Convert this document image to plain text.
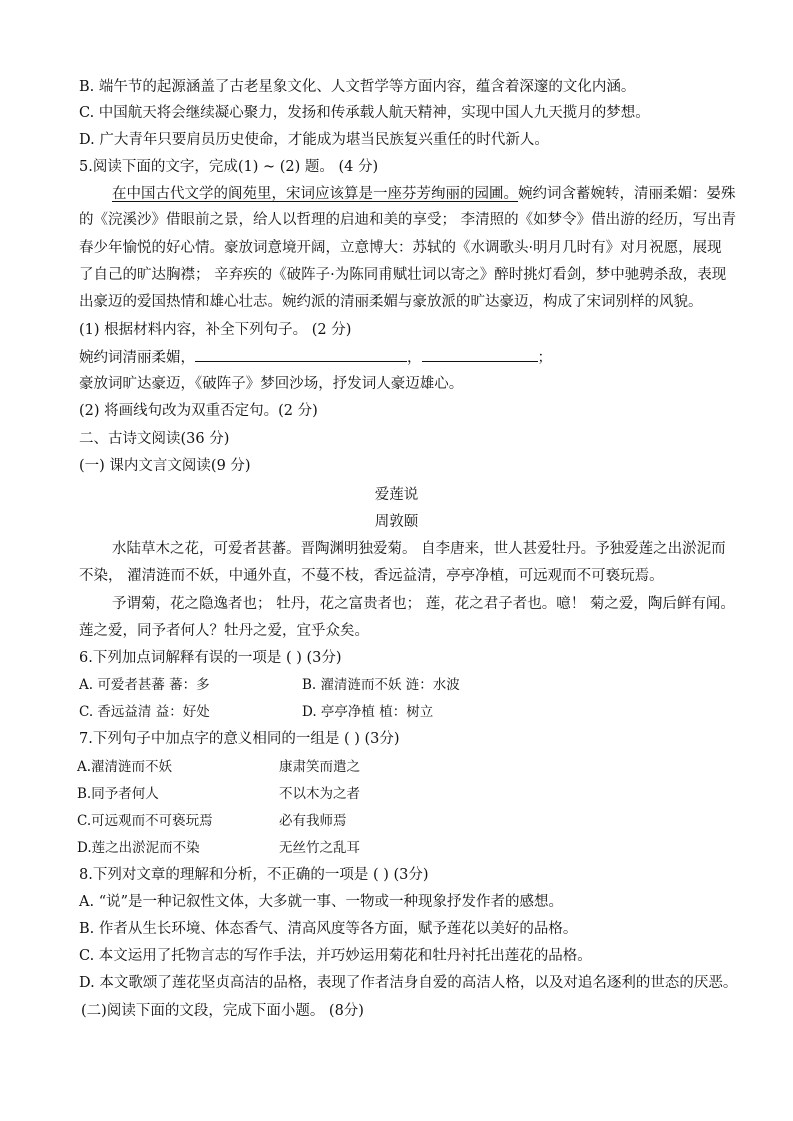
B. 端午节的起源涵盖了古老星象文化、人文哲学等方面内容，蕴含着深邃的文化内涵。
C. 中国航天将会继续凝心聚力，发扬和传承载人航天精神，实现中国人九天揽月的梦想。
D. 广大青年只要肩员历史使命，才能成为堪当民族复兴重任的时代新人。
5.阅读下面的文字，完成(1) ~ (2) 题。 (4 分)
在中国古代文学的阆苑里，宋词应该算是一座芬芳绚丽的园圃。婉约词含蓄婉转，清丽柔媚：晏殊
的《浣溪沙》借眼前之景，给人以哲理的启迪和美的享受； 李清照的《如梦令》借出游的经历，写出青
春少年愉悦的好心情。豪放词意境开阔，立意博大：苏轼的《水调歌头·明月几时有》对月祝愿，展现
了自己的旷达胸襟； 辛弃疾的《破阵子·为陈同甫赋壮词以寄之》醉时挑灯看剑，梦中驰骋杀敌，表现
出豪迈的爱国热情和雄心壮志。婉约派的清丽柔媚与豪放派的旷达豪迈，构成了宋词别样的风貌。
(1) 根据材料内容，补全下列句子。 (2 分)
婉约词清丽柔媚，	，	；
豪放词旷达豪迈，《破阵子》梦回沙场，抒发词人豪迈雄心。
(2) 将画线句改为双重否定句。(2 分)
二、古诗文阅读(36 分)
(一) 课内文言文阅读(9 分)
爱莲说
周敦颐
水陆草木之花，可爱者甚蕃。晋陶渊明独爱菊。 自李唐来，世人甚爱牡丹。予独爱莲之出淤泥而
不染， 濯清涟而不妖，中通外直，不蔓不枝，香远益清，亭亭净植，可远观而不可亵玩焉。
予谓菊，花之隐逸者也； 牡丹，花之富贵者也； 莲，花之君子者也。噫！ 菊之爱，陶后鲜有闻。
莲之爱，同予者何人？牡丹之爱，宜乎众矣。
6.下列加点词解释有误的一项是 ( ) (3分)
A. 可爱者甚蕃 蕃：多	B. 濯清涟而不妖 涟：水波
C. 香远益清 益：好处	D. 亭亭净植 植：树立
7.下列句子中加点字的意义相同的一组是 ( ) (3分)
A.濯清涟而不妖	康肃笑而遣之
B.同予者何人	不以木为之者
C.可远观而不可亵玩焉	必有我师焉
D.莲之出淤泥而不染	无丝竹之乱耳
8.下列对文章的理解和分析，不正确的一项是 ( ) (3分)
A. “说”是一种记叙性文体，大多就一事、一物或一种现象抒发作者的感想。
B. 作者从生长环境、体态香气、清高风度等各方面，赋予莲花以美好的品格。
C. 本文运用了托物言志的写作手法，并巧妙运用菊花和牡丹衬托出莲花的品格。
D. 本文歌颂了莲花坚贞高洁的品格，表现了作者洁身自爱的高洁人格，以及对追名逐利的世态的厌恶。
(二)阅读下面的文段，完成下面小题。 (8分)
